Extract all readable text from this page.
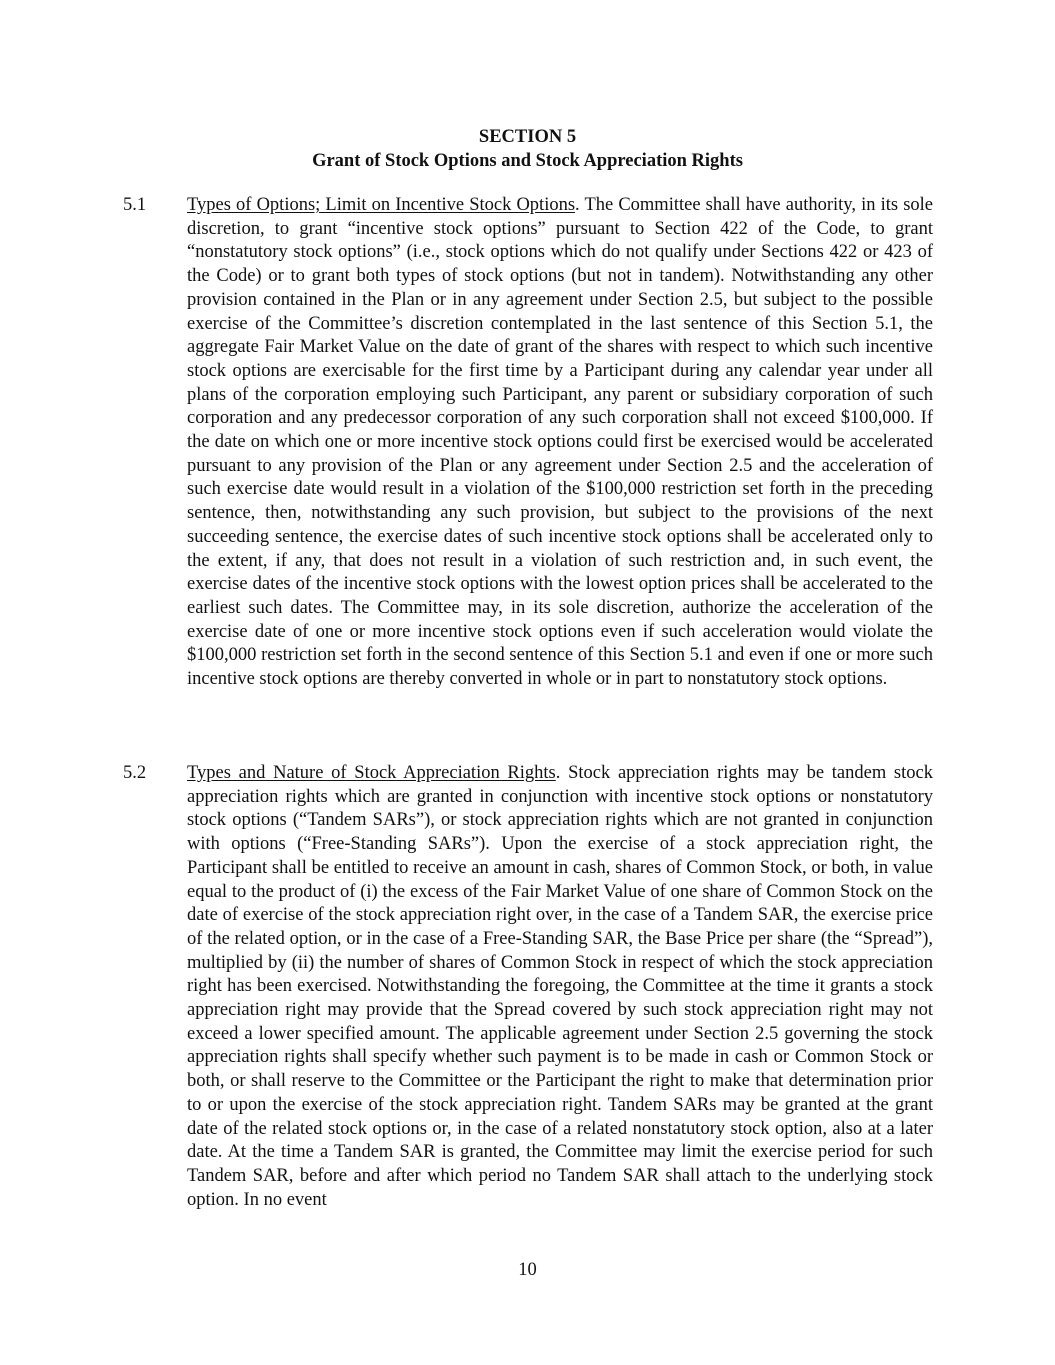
SECTION 5
Grant of Stock Options and Stock Appreciation Rights
5.1 Types of Options; Limit on Incentive Stock Options. The Committee shall have authority, in its sole discretion, to grant “incentive stock options” pursuant to Section 422 of the Code, to grant “nonstatutory stock options” (i.e., stock options which do not qualify under Sections 422 or 423 of the Code) or to grant both types of stock options (but not in tandem). Notwithstanding any other provision contained in the Plan or in any agreement under Section 2.5, but subject to the possible exercise of the Committee’s discretion contemplated in the last sentence of this Section 5.1, the aggregate Fair Market Value on the date of grant of the shares with respect to which such incentive stock options are exercisable for the first time by a Participant during any calendar year under all plans of the corporation employing such Participant, any parent or subsidiary corporation of such corporation and any predecessor corporation of any such corporation shall not exceed $100,000. If the date on which one or more incentive stock options could first be exercised would be accelerated pursuant to any provision of the Plan or any agreement under Section 2.5 and the acceleration of such exercise date would result in a violation of the $100,000 restriction set forth in the preceding sentence, then, notwithstanding any such provision, but subject to the provisions of the next succeeding sentence, the exercise dates of such incentive stock options shall be accelerated only to the extent, if any, that does not result in a violation of such restriction and, in such event, the exercise dates of the incentive stock options with the lowest option prices shall be accelerated to the earliest such dates. The Committee may, in its sole discretion, authorize the acceleration of the exercise date of one or more incentive stock options even if such acceleration would violate the $100,000 restriction set forth in the second sentence of this Section 5.1 and even if one or more such incentive stock options are thereby converted in whole or in part to nonstatutory stock options.
5.2 Types and Nature of Stock Appreciation Rights. Stock appreciation rights may be tandem stock appreciation rights which are granted in conjunction with incentive stock options or nonstatutory stock options (“Tandem SARs”), or stock appreciation rights which are not granted in conjunction with options (“Free-Standing SARs”). Upon the exercise of a stock appreciation right, the Participant shall be entitled to receive an amount in cash, shares of Common Stock, or both, in value equal to the product of (i) the excess of the Fair Market Value of one share of Common Stock on the date of exercise of the stock appreciation right over, in the case of a Tandem SAR, the exercise price of the related option, or in the case of a Free-Standing SAR, the Base Price per share (the “Spread”), multiplied by (ii) the number of shares of Common Stock in respect of which the stock appreciation right has been exercised. Notwithstanding the foregoing, the Committee at the time it grants a stock appreciation right may provide that the Spread covered by such stock appreciation right may not exceed a lower specified amount. The applicable agreement under Section 2.5 governing the stock appreciation rights shall specify whether such payment is to be made in cash or Common Stock or both, or shall reserve to the Committee or the Participant the right to make that determination prior to or upon the exercise of the stock appreciation right. Tandem SARs may be granted at the grant date of the related stock options or, in the case of a related nonstatutory stock option, also at a later date. At the time a Tandem SAR is granted, the Committee may limit the exercise period for such Tandem SAR, before and after which period no Tandem SAR shall attach to the underlying stock option. In no event
10
